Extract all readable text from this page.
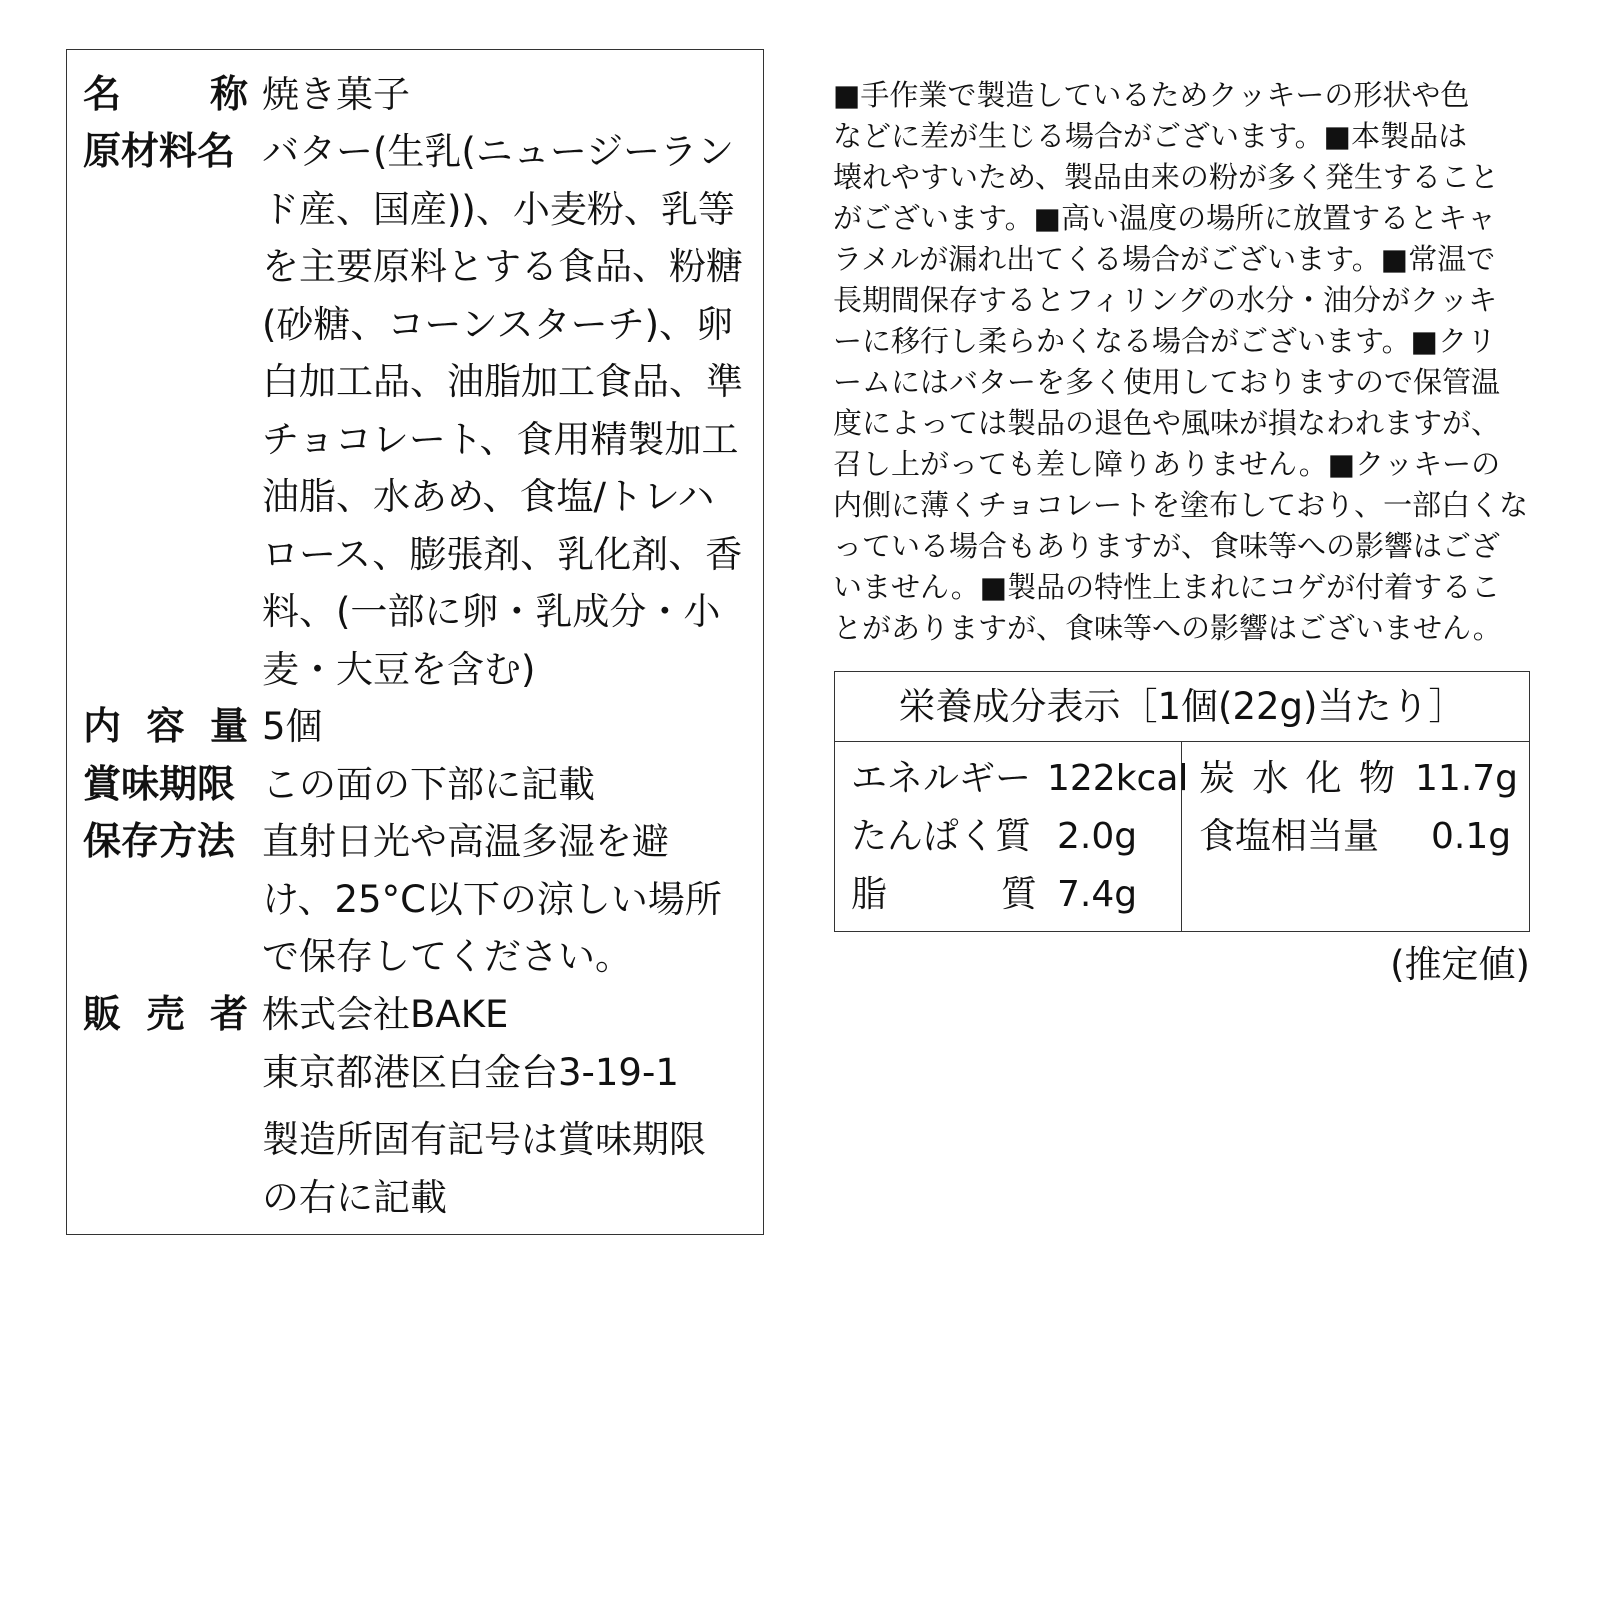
名 称 焼き菓子
原材料名 バター(生乳(ニュージーラン
ド産、国産))、小麦粉、乳等
を主要原料とする食品、粉糖
(砂糖、コーンスターチ)、卵
白加工品、油脂加工食品、準
チョコレート、食用精製加工
油脂、水あめ、食塩/トレハ
ロース、膨張剤、乳化剤、香
料、(一部に卵・乳成分・小
麦・大豆を含む)
内 容 量 5個
賞味期限 この面の下部に記載
保存方法 直射日光や高温多湿を避
け、25°C以下の涼しい場所
で保存してください。
販 売 者 株式会社BAKE
東京都港区白金台3-19-1
製造所固有記号は賞味期限
の右に記載
■手作業で製造しているためクッキーの形状や色
などに差が生じる場合がございます。■本製品は
壊れやすいため、製品由来の粉が多く発生すること
がございます。■高い温度の場所に放置するとキャ
ラメルが漏れ出てくる場合がございます。■常温で
長期間保存するとフィリングの水分・油分がクッキ
ーに移行し柔らかくなる場合がございます。■クリ
ームにはバターを多く使用しておりますので保管温
度によっては製品の退色や風味が損なわれますが、
召し上がっても差し障りありません。■クッキーの
内側に薄くチョコレートを塗布しており、一部白くな
っている場合もありますが、食味等への影響はござ
いません。■製品の特性上まれにコゲが付着するこ
とがありますが、食味等への影響はございません。
栄養成分表示［1個(22g)当たり］
エネルギー 122kcal
たんぱく質 2.0g
脂	質 7.4g
炭 水 化 物 11.7g
食塩相当量 0.1g
(推定値)
